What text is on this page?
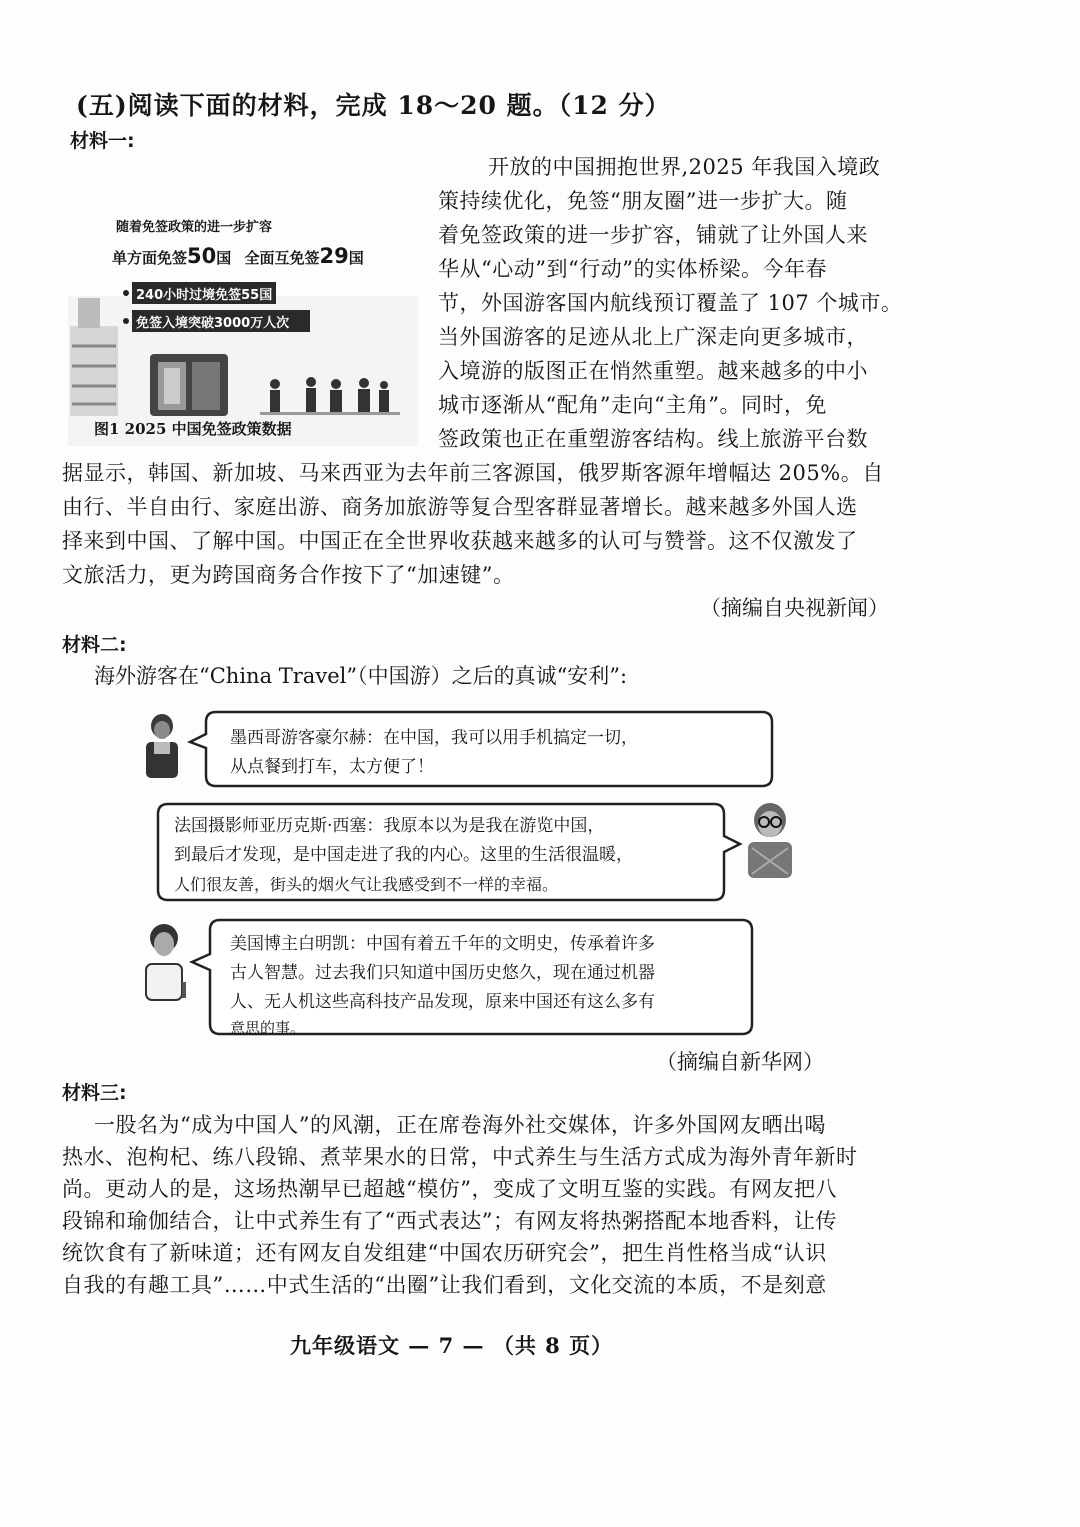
(五)阅读下面的材料，完成 18～20 题。（12 分）
材料一:
随着免签政策的进一步扩容
单方面免签50国 全面互免签29国
240小时过境免签55国
免签入境突破3000万人次
图1 2025 中国免签政策数据
开放的中国拥抱世界,2025 年我国入境政
策持续优化，免签“朋友圈”进一步扩大。随
着免签政策的进一步扩容，铺就了让外国人来
华从“心动”到“行动”的实体桥梁。今年春
节，外国游客国内航线预订覆盖了 107 个城市。
当外国游客的足迹从北上广深走向更多城市，
入境游的版图正在悄然重塑。越来越多的中小
城市逐渐从“配角”走向“主角”。同时，免
签政策也正在重塑游客结构。线上旅游平台数
据显示，韩国、新加坡、马来西亚为去年前三客源国，俄罗斯客源年增幅达 205%。自
由行、半自由行、家庭出游、商务加旅游等复合型客群显著增长。越来越多外国人选
择来到中国、了解中国。中国正在全世界收获越来越多的认可与赞誉。这不仅激发了
文旅活力，更为跨国商务合作按下了“加速键”。
（摘编自央视新闻）
材料二:
海外游客在“China Travel”（中国游）之后的真诚“安利”:
墨西哥游客豪尔赫：在中国，我可以用手机搞定一切，
从点餐到打车，太方便了！
法国摄影师亚历克斯·西塞：我原本以为是我在游览中国，
到最后才发现，是中国走进了我的内心。这里的生活很温暖，
人们很友善，街头的烟火气让我感受到不一样的幸福。
美国博主白明凯：中国有着五千年的文明史，传承着许多
古人智慧。过去我们只知道中国历史悠久，现在通过机器
人、无人机这些高科技产品发现，原来中国还有这么多有
意思的事。
（摘编自新华网）
材料三:
一股名为“成为中国人”的风潮，正在席卷海外社交媒体，许多外国网友晒出喝
热水、泡枸杞、练八段锦、煮苹果水的日常，中式养生与生活方式成为海外青年新时
尚。更动人的是，这场热潮早已超越“模仿”，变成了文明互鉴的实践。有网友把八
段锦和瑜伽结合，让中式养生有了“西式表达”；有网友将热粥搭配本地香料，让传
统饮食有了新味道；还有网友自发组建“中国农历研究会”，把生肖性格当成“认识
自我的有趣工具”……中式生活的“出圈”让我们看到，文化交流的本质，不是刻意
九年级语文 — 7 — （共 8 页）
